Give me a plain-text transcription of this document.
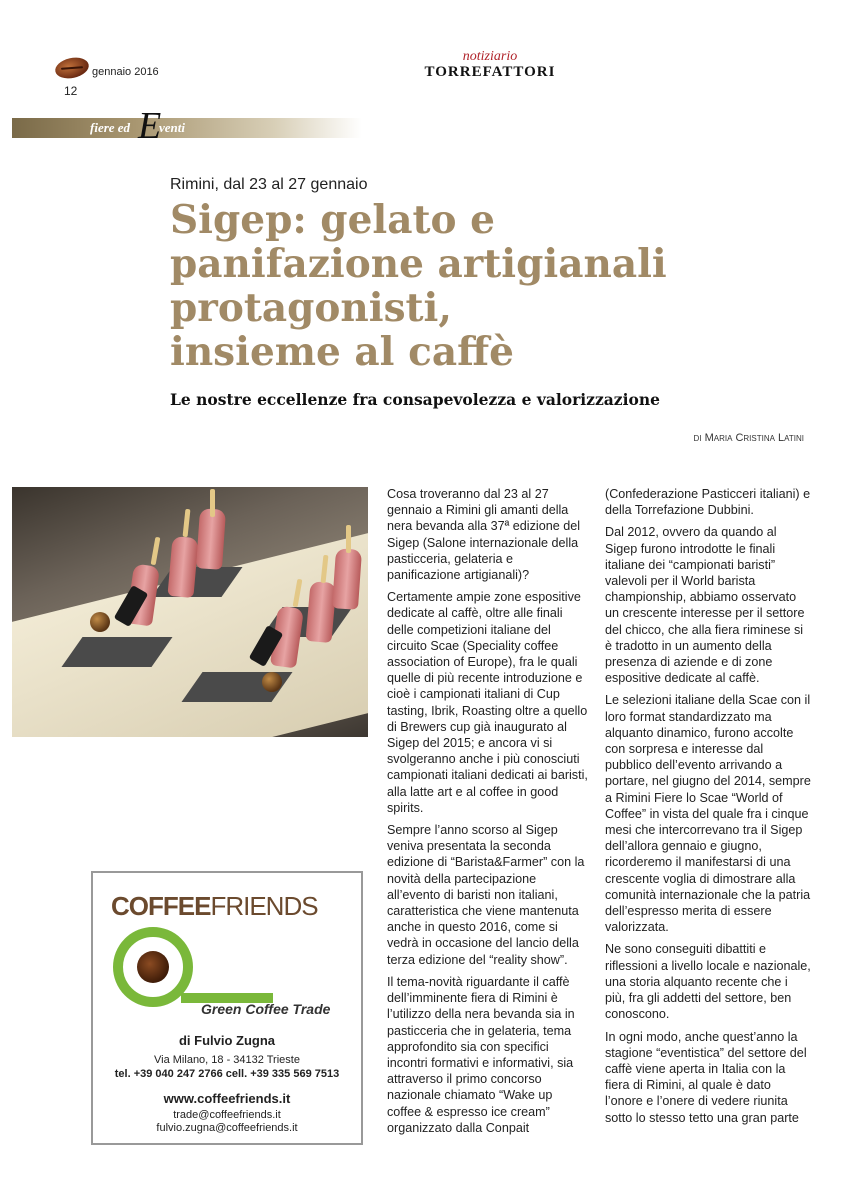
gennaio 2016
12
notiziario
TORREFATTORI
fiere ed E
venti
Rimini, dal 23 al 27 gennaio
Sigep: gelato e
panifazione artigianali
protagonisti,
insieme al caffè
Le nostre eccellenze fra consapevolezza e valorizzazione
di Maria Cristina Latini
COFFEEFRIENDS
Green Coffee Trade
di Fulvio Zugna
Via Milano, 18 - 34132 Trieste
tel. +39 040 247 2766 cell. +39 335 569 7513
www.coffeefriends.it
trade@coffeefriends.it
fulvio.zugna@coffeefriends.it

Cosa troveranno dal 23 al 27 gennaio a Rimini gli amanti della nera bevanda alla 37ª edizione del Sigep (Salone internazionale della pasticceria, gelateria e panificazione artigianali)?

Certamente ampie zone espositive dedicate al caffè, oltre alle finali delle competizioni italiane del circuito Scae (Speciality coffee association of Europe), fra le quali quelle di più recente introduzione e cioè i campionati italiani di Cup tasting, Ibrik, Roasting oltre a quello di Brewers cup già inaugurato al Sigep del 2015; e ancora vi si svolgeranno anche i più conosciuti campionati italiani dedicati ai baristi, alla latte art e al coffee in good spirits.

Sempre l’anno scorso al Sigep veniva presentata la seconda edizione di “Barista&Farmer” con la novità della partecipazione all’evento di baristi non italiani, caratteristica che viene mantenuta anche in questo 2016, come si vedrà in occasione del lancio della terza edizione del “reality show”.

Il tema-novità riguardante il caffè dell’imminente fiera di Rimini è l’utilizzo della nera bevanda sia in pasticceria che in gelateria, tema approfondito sia con specifici incontri formativi e informativi, sia attraverso il primo concorso nazionale chiamato “Wake up coffee & espresso ice cream” organizzato dalla Conpait

(Confederazione Pasticceri italiani) e della Torrefazione Dubbini.

Dal 2012, ovvero da quando al Sigep furono introdotte le finali italiane dei “campionati baristi” valevoli per il World barista championship, abbiamo osservato un crescente interesse per il settore del chicco, che alla fiera riminese si è tradotto in un aumento della presenza di aziende e di zone espositive dedicate al caffè.

Le selezioni italiane della Scae con il loro format standardizzato ma alquanto dinamico, furono accolte con sorpresa e interesse dal pubblico dell’evento arrivando a portare, nel giugno del 2014, sempre a Rimini Fiere lo Scae “World of Coffee” in vista del quale fra i cinque mesi che intercorrevano tra il Sigep dell’allora gennaio e giugno, ricorderemo il manifestarsi di una crescente voglia di dimostrare alla comunità internazionale che la patria dell’espresso merita di essere valorizzata.

Ne sono conseguiti dibattiti e riflessioni a livello locale e nazionale, una storia alquanto recente che i più, fra gli addetti del settore, ben conoscono.

In ogni modo, anche quest’anno la stagione “eventistica” del settore del caffè viene aperta in Italia con la fiera di Rimini, al quale è dato l’onore e l’onere di vedere riunita sotto lo stesso tetto una gran parte
